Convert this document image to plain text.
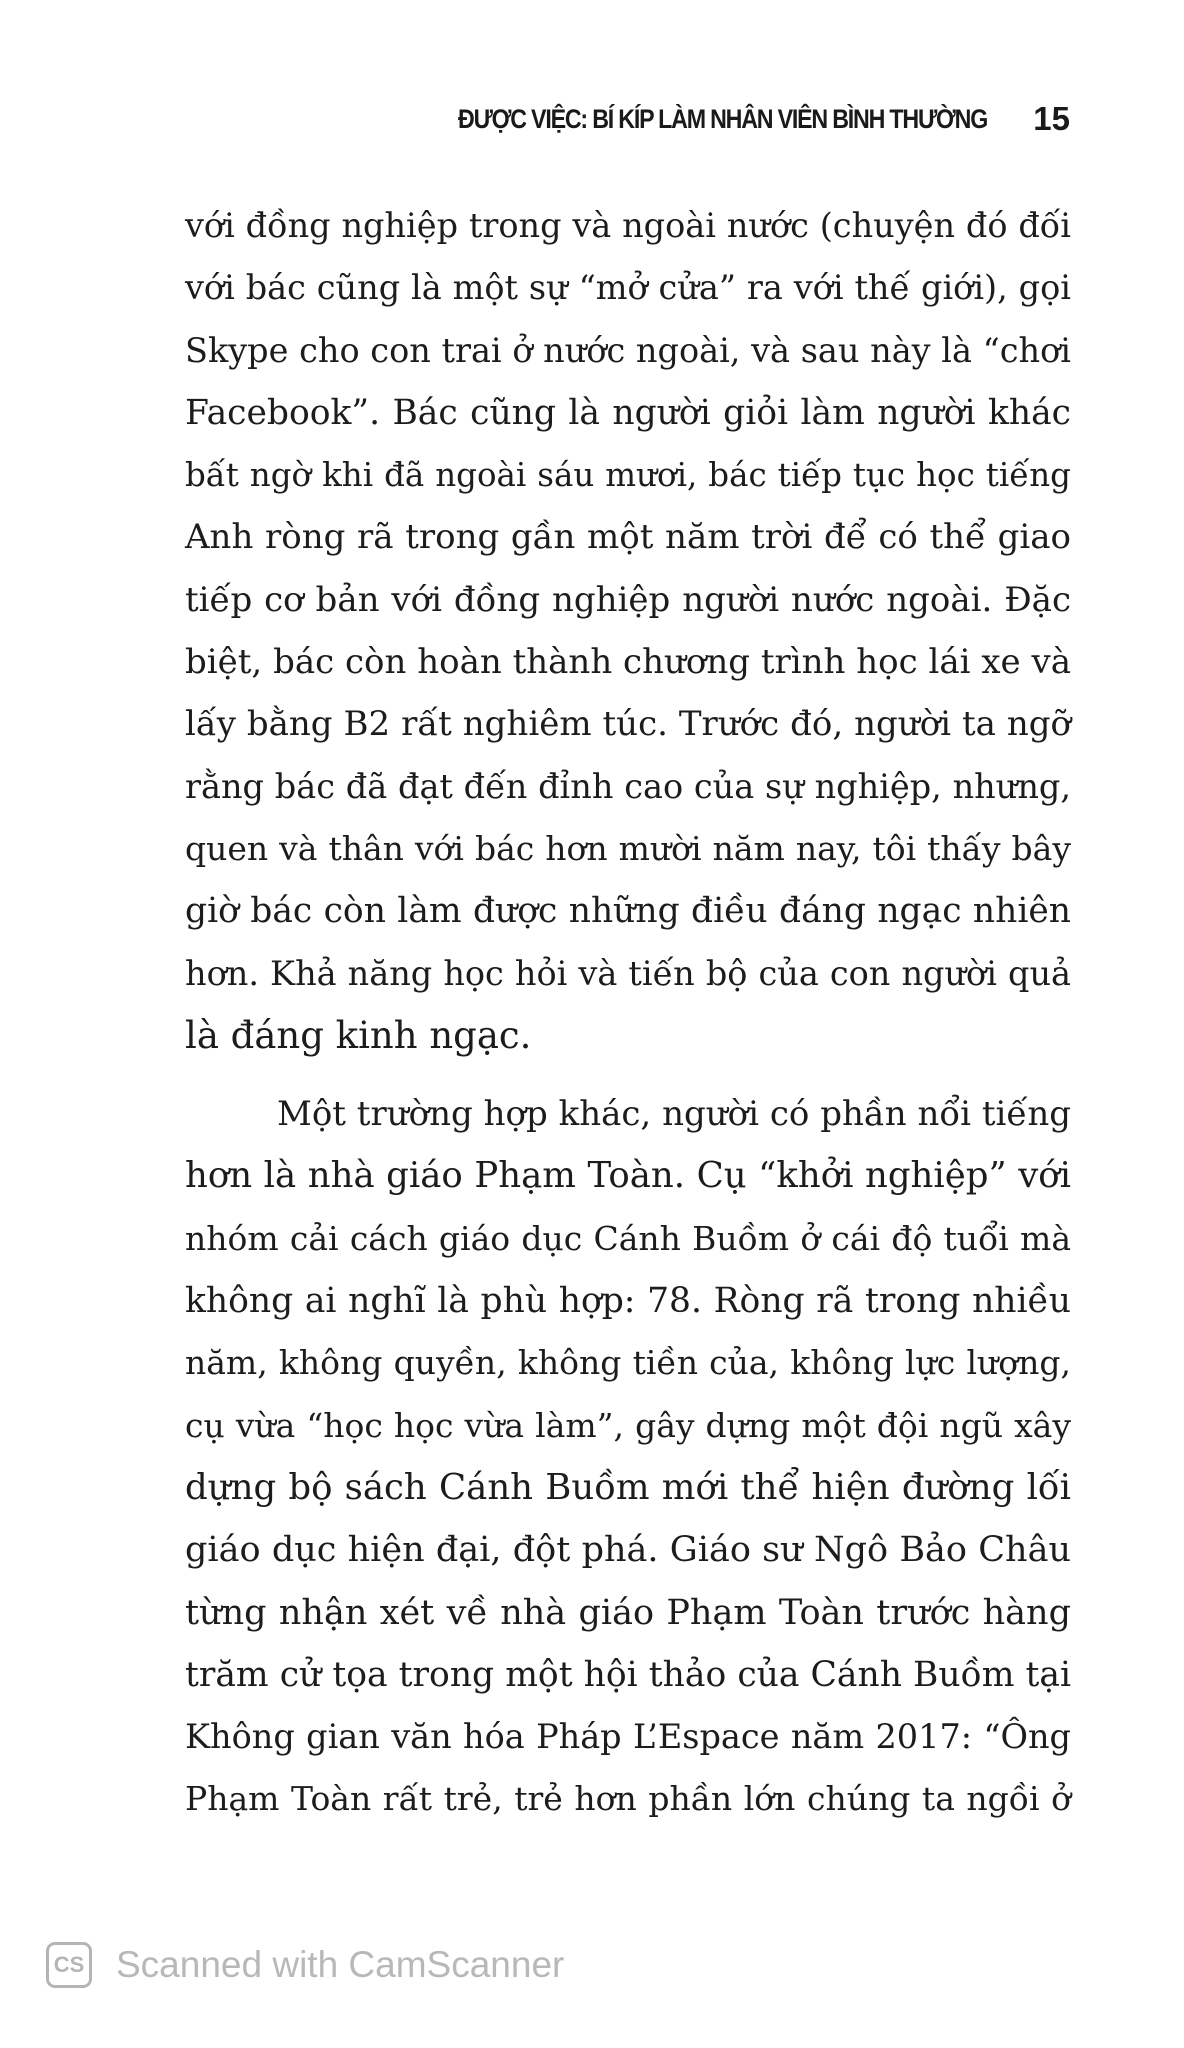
ĐƯỢC VIỆC: BÍ KÍP LÀM NHÂN VIÊN BÌNH THƯỜNG 15
với đồng nghiệp trong và ngoài nước (chuyện đó đối
với bác cũng là một sự “mở cửa” ra với thế giới), gọi
Skype cho con trai ở nước ngoài, và sau này là “chơi
Facebook”. Bác cũng là người giỏi làm người khác
bất ngờ khi đã ngoài sáu mươi, bác tiếp tục học tiếng
Anh ròng rã trong gần một năm trời để có thể giao
tiếp cơ bản với đồng nghiệp người nước ngoài. Đặc
biệt, bác còn hoàn thành chương trình học lái xe và
lấy bằng B2 rất nghiêm túc. Trước đó, người ta ngỡ
rằng bác đã đạt đến đỉnh cao của sự nghiệp, nhưng,
quen và thân với bác hơn mười năm nay, tôi thấy bây
giờ bác còn làm được những điều đáng ngạc nhiên
hơn. Khả năng học hỏi và tiến bộ của con người quả
là đáng kinh ngạc.
Một trường hợp khác, người có phần nổi tiếng
hơn là nhà giáo Phạm Toàn. Cụ “khởi nghiệp” với
nhóm cải cách giáo dục Cánh Buồm ở cái độ tuổi mà
không ai nghĩ là phù hợp: 78. Ròng rã trong nhiều
năm, không quyền, không tiền của, không lực lượng,
cụ vừa “học học vừa làm”, gây dựng một đội ngũ xây
dựng bộ sách Cánh Buồm mới thể hiện đường lối
giáo dục hiện đại, đột phá. Giáo sư Ngô Bảo Châu
từng nhận xét về nhà giáo Phạm Toàn trước hàng
trăm cử tọa trong một hội thảo của Cánh Buồm tại
Không gian văn hóa Pháp L’Espace năm 2017: “Ông
Phạm Toàn rất trẻ, trẻ hơn phần lớn chúng ta ngồi ở
CS Scanned with CamScanner
